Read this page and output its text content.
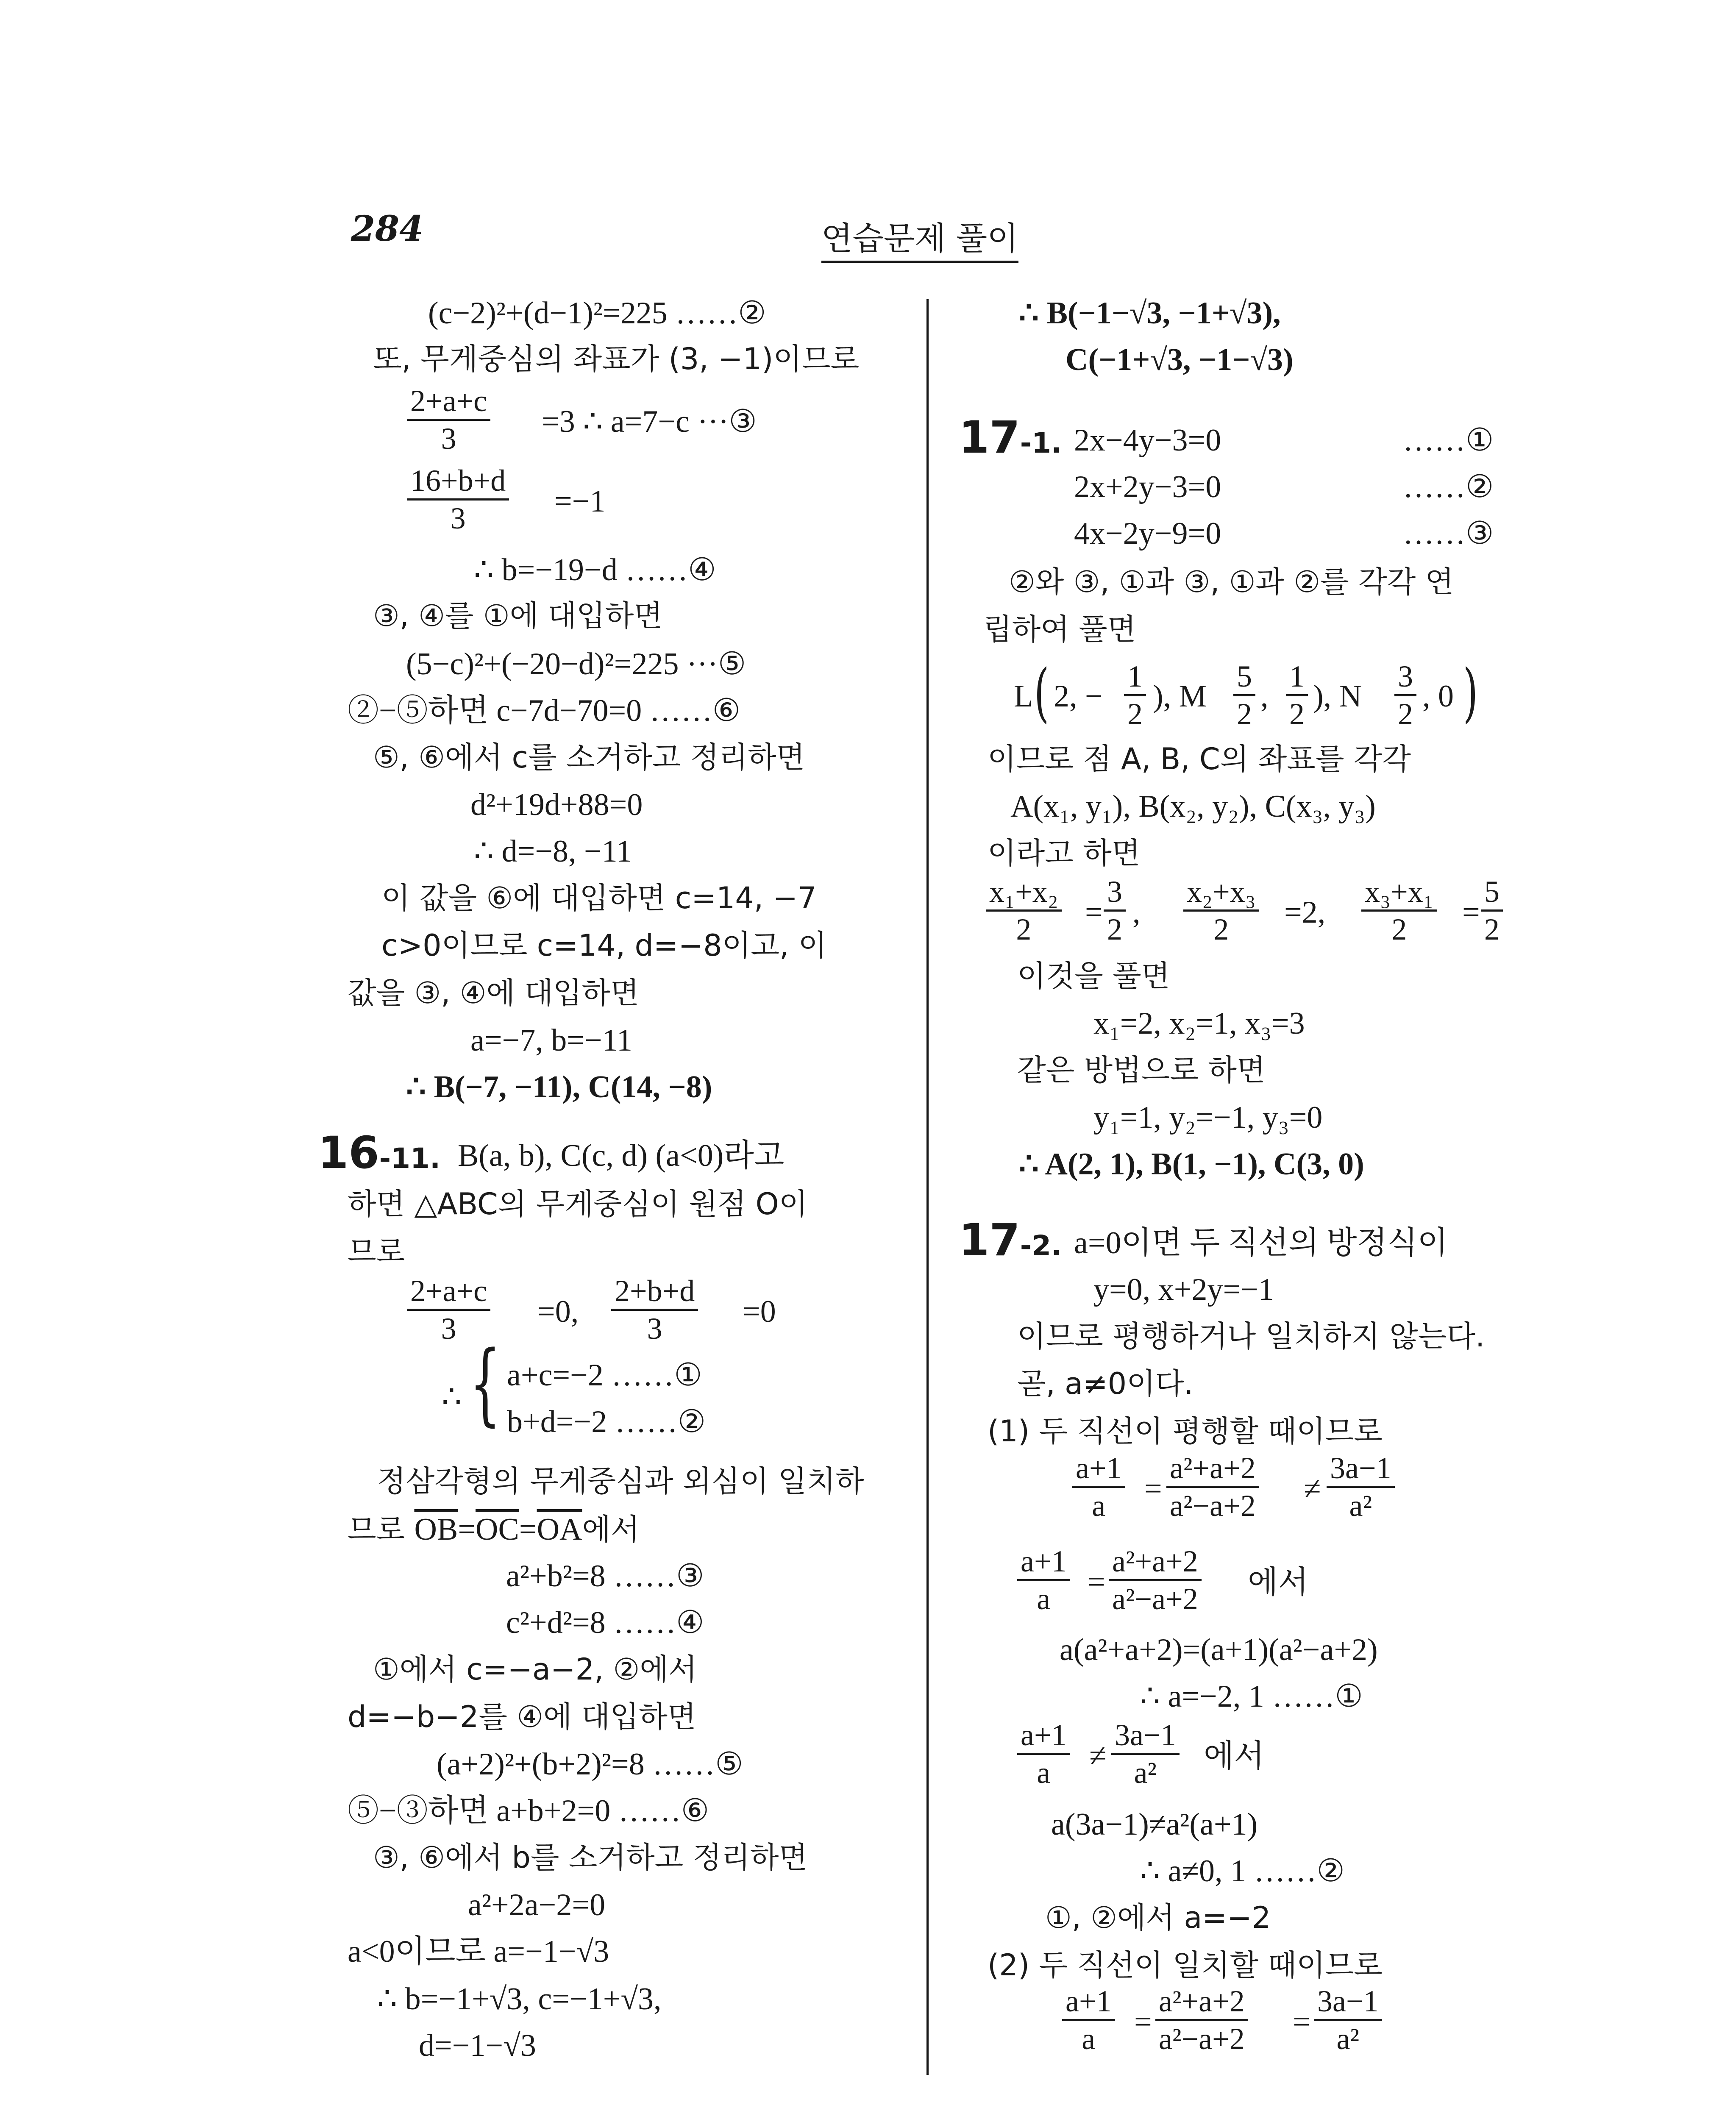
284	연습문제 풀이
(c−2)²+(d−1)²=225 ……②
또, 무게중심의 좌표가 (3, −1)이므로
$\frac{2+a+c}{3} =3$ ∴ a=7−c ···③
$\frac{16+b+d}{3} =-1$
∴ b=−19−d ……④
③, ④를 ①에 대입하면
(5−c)²+(−20−d)²=225 ···⑤
②−⑤하면 c−7d−70=0 ……⑥
⑤, ⑥에서 c를 소거하고 정리하면
d²+19d+88=0
∴ d=−8, −11
이 값을 ⑥에 대입하면 c=14, −7
c>0이므로 c=14, d=−8이고, 이
값을 ③, ④에 대입하면
a=−7, b=−11
∴ B(−7, −11), C(14, −8)
16-11. B(a, b), C(c, d) (a<0)라고
하면 △ABC의 무게중심이 원점 O이
므로
$\frac{2+a+c}{3} =0$, $\frac{2+b+d}{3} =0$
∴ { a+c=−2 ……①
b+d=−2 ……②
정삼각형의 무게중심과 외심이 일치하
므로 $\overline{OB}=\overline{OC}=\overline{OA}$에서
a²+b²=8 ……③
c²+d²=8 ……④
①에서 c=−a−2, ②에서
d=−b−2를 ④에 대입하면
(a+2)²+(b+2)²=8 ……⑤
⑤−③하면 a+b+2=0 ……⑥
③, ⑥에서 b를 소거하고 정리하면
a²+2a−2=0
a<0이므로 a=−1−√3
∴ b=−1+√3, c=−1+√3,
d=−1−√3
∴ B(−1−√3, −1+√3),
C(−1+√3, −1−√3)
17-1. 2x−4y−3=0	……①
2x+2y−3=0	……②
4x−2y−9=0	……③
②와 ③, ①과 ③, ①과 ②를 각각 연
립하여 풀면
L ( 2, − $\frac{1}{2}$ ), M $\frac{5}{2}$ , $\frac{1}{2}$ ), N $\frac{3}{2}$ , 0 )
이므로 점 A, B, C의 좌표를 각각
A(x₁, y₁), B(x₂, y₂), C(x₃, y₃)
이라고 하면
$\frac{\text{x₁+x₂}}{2} = \frac{3}{2}$ , $\frac{\text{x₂+x₃}}{2} =2$, $\frac{\text{x₃+x₁}}{2} = \frac{5}{2}$
이것을 풀면
x₁=2, x₂=1, x₃=3
같은 방법으로 하면
y₁=1, y₂=−1, y₃=0
∴ A(2, 1), B(1, −1), C(3, 0)
17-2. a=0이면 두 직선의 방정식이
y=0, x+2y=−1
이므로 평행하거나 일치하지 않는다.
곧, a≠0이다.
(1) 두 직선이 평행할 때이므로
$\frac{a+1}{a} = \frac{\text{a²+a+2}}{\text{a²−a+2}} \ne \frac{3a-1}{\text{a²}}$
$\frac{a+1}{a} = \frac{\text{a²+a+2}}{\text{a²−a+2}}$ 에서
a(a²+a+2)=(a+1)(a²−a+2)
∴ a=−2, 1 ……①
$\frac{a+1}{a} \ne \frac{3a-1}{\text{a²}}$ 에서
a(3a−1)≠a²(a+1)
∴ a≠0, 1 ……②
①, ②에서 a=−2
(2) 두 직선이 일치할 때이므로
$\frac{a+1}{a} = \frac{\text{a²+a+2}}{\text{a²−a+2}} = \frac{3a-1}{\text{a²}}$
